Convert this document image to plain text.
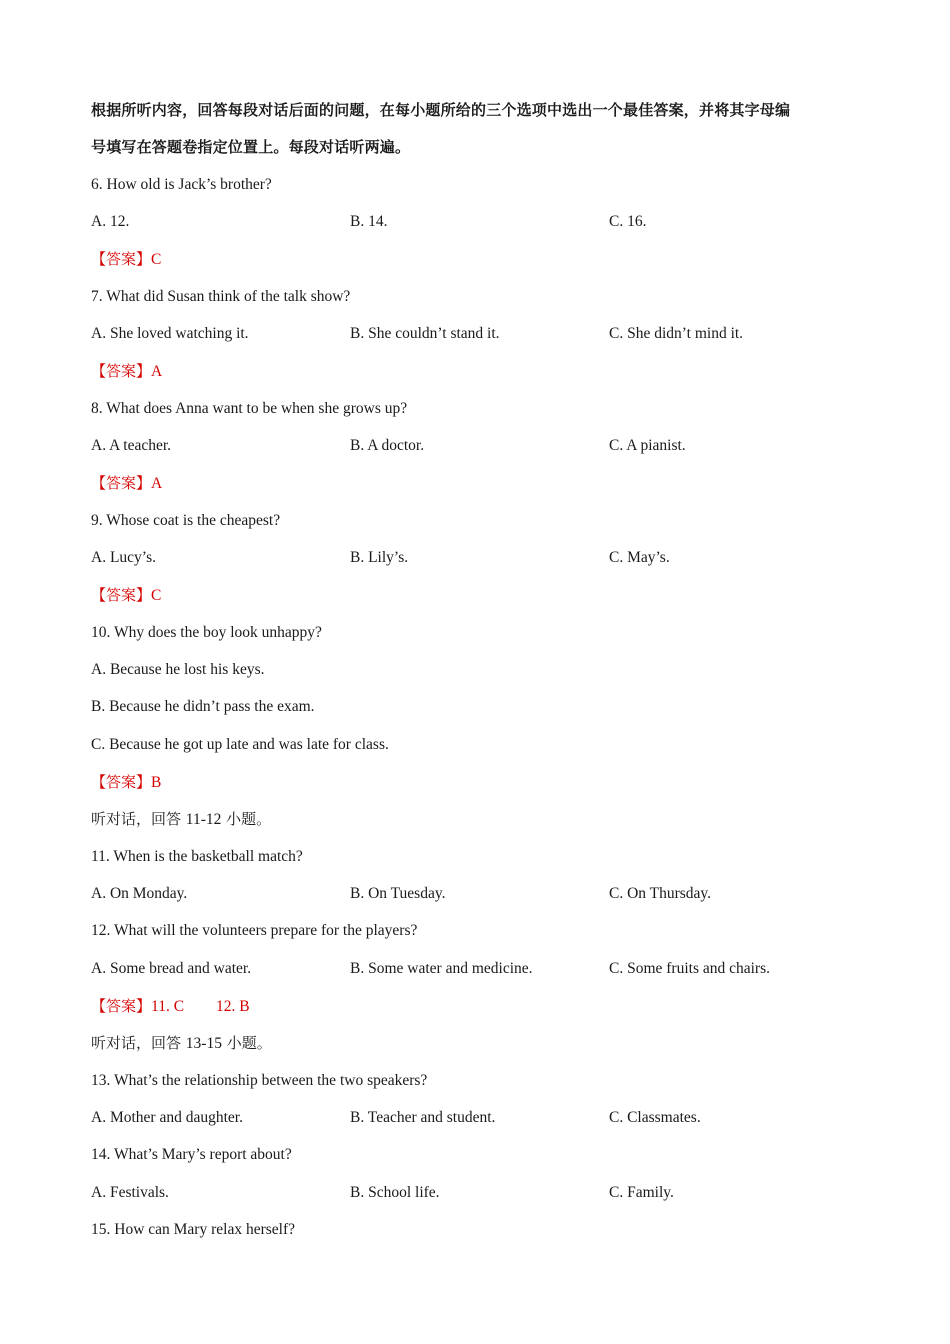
根据所听内容，回答每段对话后面的问题，在每小题所给的三个选项中选出一个最佳答案，并将其字母编
号填写在答题卷指定位置上。每段对话听两遍。
6. How old is Jack’s brother?
A. 12.	B. 14.	C. 16.
【答案】C
7. What did Susan think of the talk show?
A. She loved watching it.	B. She couldn’t stand it.	C. She didn’t mind it.
【答案】A
8. What does Anna want to be when she grows up?
A. A teacher.	B. A doctor.	C. A pianist.
【答案】A
9. Whose coat is the cheapest?
A. Lucy’s.	B. Lily’s.	C. May’s.
【答案】C
10. Why does the boy look unhappy?
A. Because he lost his keys.
B. Because he didn’t pass the exam.
C. Because he got up late and was late for class.
【答案】B
听对话，回答 11-12 小题。
11. When is the basketball match?
A. On Monday.	B. On Tuesday.	C. On Thursday.
12. What will the volunteers prepare for the players?
A. Some bread and water.	B. Some water and medicine.	C. Some fruits and chairs.
【答案】11. C 12. B
听对话，回答 13-15 小题。
13. What’s the relationship between the two speakers?
A. Mother and daughter.	B. Teacher and student.	C. Classmates.
14. What’s Mary’s report about?
A. Festivals.	B. School life.	C. Family.
15. How can Mary relax herself?
